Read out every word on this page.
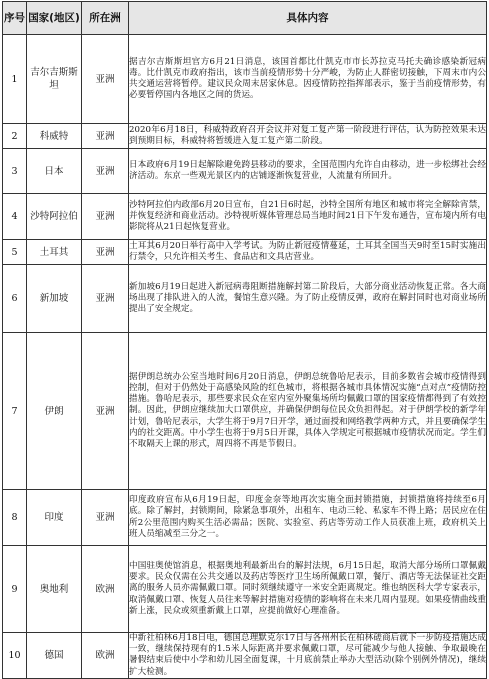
序号	国家(地区)	所在洲	具体内容
1	吉尔吉斯斯坦	亚洲	据吉尔吉斯斯坦官方6月21日消息，该国首都比什凯克市市长苏拉克马托夫确诊感染新冠病毒。比什凯克市政府指出，该市当前疫情形势十分严峻，为防止人群密切接触，下周末市内公共交通运营将暂停。建议民众周末居家休息。因疫情防控指挥部表示，鉴于当前疫情形势，有必要暂停国内各地区之间的货运。
2	科威特	亚洲	2020年6月18日，科威特政府召开会议并对复工复产第一阶段进行评估，认为防控效果未达到预期目标，科威特将暂缓进入复工复产第二阶段。
3	日本	亚洲	日本政府6月19日起解除避免跨县移动的要求，全国范围内允许自由移动，进一步松绑社会经济活动。东京一些观光景区内的店铺逐渐恢复营业，人流量有所回升。
4	沙特阿拉伯	亚洲	沙特阿拉伯内政部6月20日宣布，自21日6时起，沙特全国所有地区和城市将完全解除宵禁，并恢复经济和商业活动。沙特视听媒体管理总局当地时间21日下午发布通告，宣布境内所有电影院将从21日起恢复营业。
5	土耳其	亚洲	土耳其6月20日举行高中入学考试。为防止新冠疫情蔓延，土耳其全国当天9时至15时实施出行禁令，只允许相关考生、食品店和文具店营业。
6	新加坡	亚洲	新加坡6月19日起进入新冠病毒阻断措施解封第二阶段后，大部分商业活动恢复正常。各大商场出现了排队进入的人流，餐馆生意兴隆。为了防止疫情反弹，政府在解封同时也对商业场所提出了安全规定。
7	伊朗	亚洲	据伊朗总统办公室当地时间6月20日消息，伊朗总统鲁哈尼表示，目前多数省会城市疫情得到控制，但对于仍然处于高感染风险的红色城市，将根据各城市具体情况实施“点对点”疫情防控措施。鲁哈尼表示，那些要求民众在室内室外聚集场所均佩戴口罩的国家疫情都得到了有效控制。因此，伊朗应继续加大口罩供应，并确保伊朗每位民众负担得起。对于伊朗学校的新学年计划，鲁哈尼表示，大学生将于9月7日开学，通过面授和网络教学两种方式，并且要确保学生内的社交距离。中小学生也将于9月5日开课，具体入学规定可根据城市疫情状况而定。学生们不取隔天上课的形式，周四将不再是节假日。
8	印度	亚洲	印度政府宣布从6月19日起，印度金奈等地再次实施全面封锁措施，封锁措施将持续至6月底。除了解封，封锁期间，除紧急事项外，出租车、电动三轮、私家车不得上路；居民应在住所2公里范围内购买生活必需品；医院、实验室、药店等劳动工作人员获准上班，政府机关上班人员缩减至三分之一。
9	奥地利	欧洲	中国驻奥使馆消息，根据奥地利最新出台的解封法规，6月15日起，取消大部分场所口罩佩戴要求。民众仅需在公共交通以及药店等医疗卫生场所佩戴口罩，餐厅、酒店等无法保证社交距离的服务人员亦需佩戴口罩。同时须继续遵守一米安全距离规定。维也纳医科大学专家表示，取消佩戴口罩、恢复人员往来等解封措施对疫情的影响将在未来几周内显现。如果疫情曲线重新上涨，民众或须重新戴上口罩，应提前做好心理准备。
10	德国	欧洲	中新社柏林6月18日电，德国总理默克尔17日与各州州长在柏林磋商后就下一步防疫措施达成一致，继续保持现有的1.5米人际距离并要求佩戴口罩，尽可能减少与他人接触、争取最晚在暑假结束后使中小学和幼儿园全面复课，十月底前禁止举办大型活动(除个别例外情况)，继续扩大检测。
